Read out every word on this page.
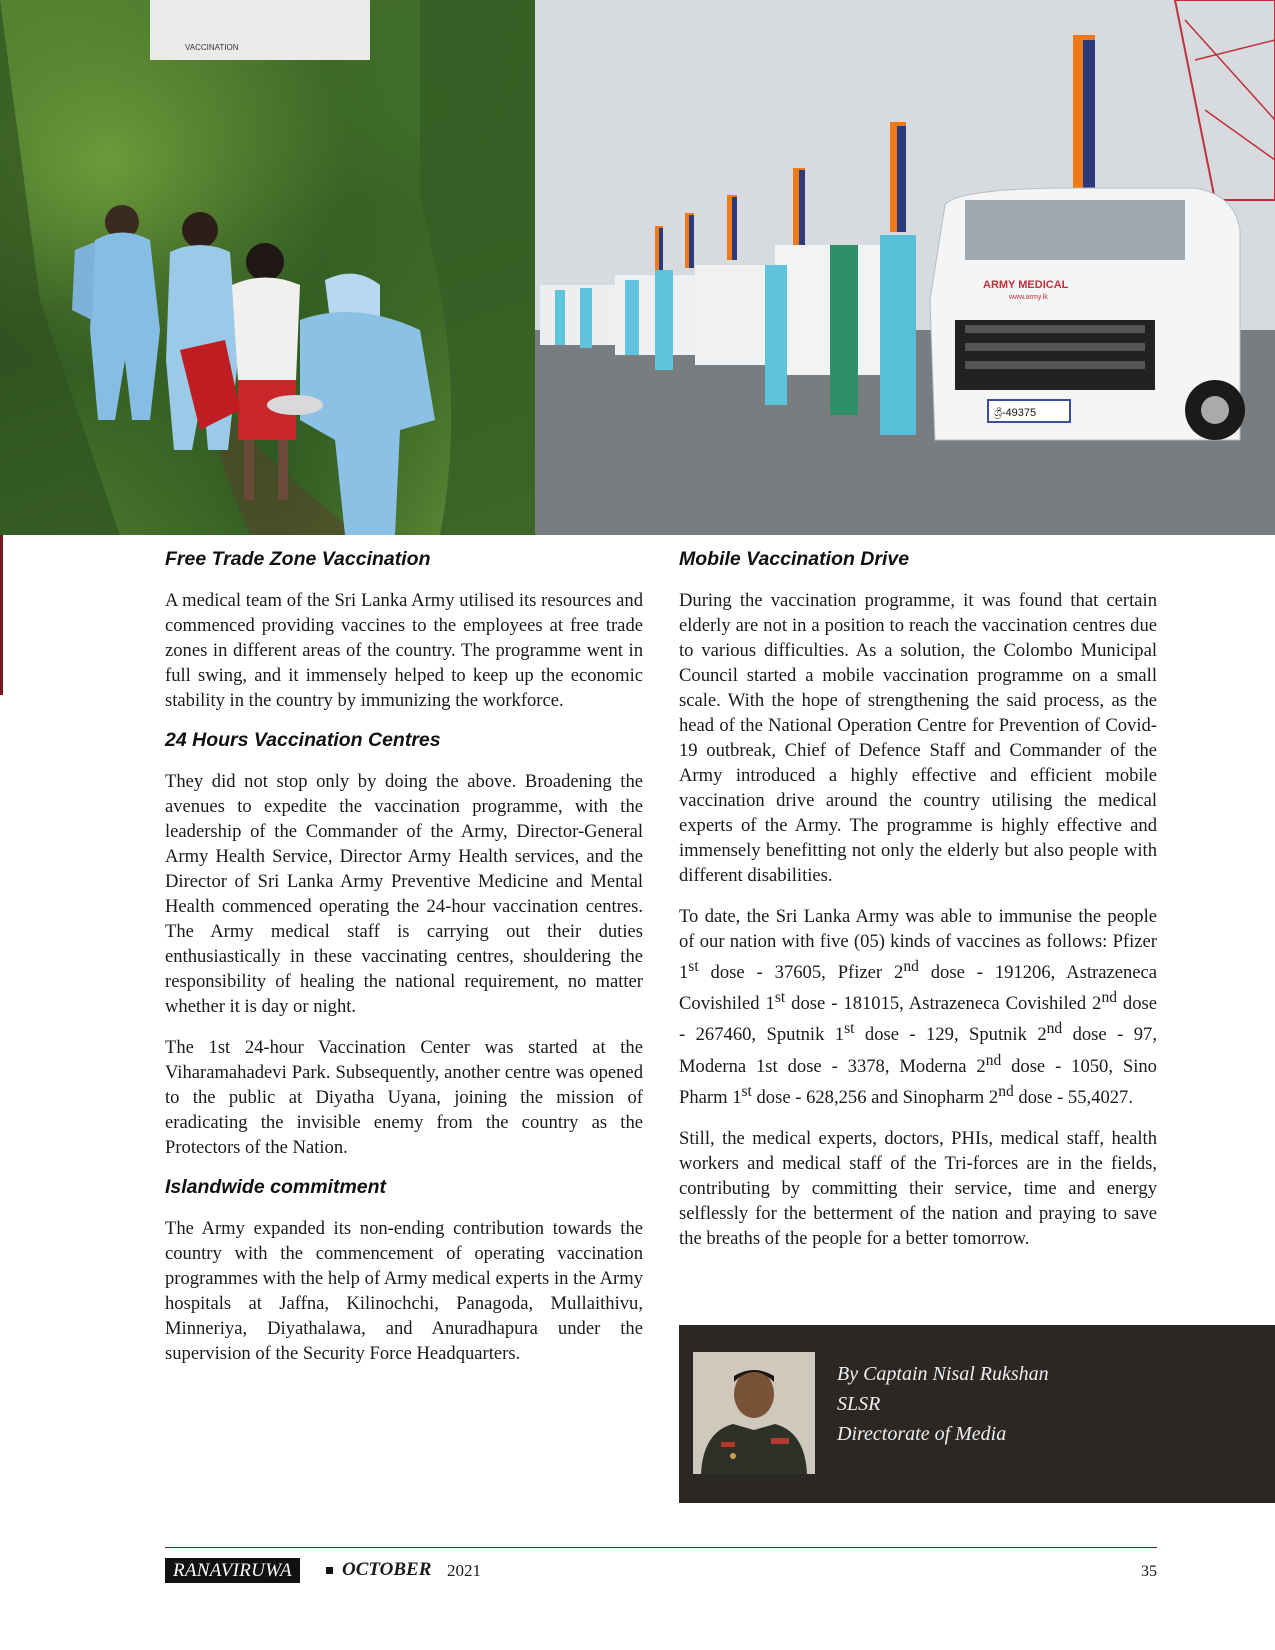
VACCINATION
ශ්‍රී-49375
ARMY MEDICAL
www.army.lk
Free Trade Zone Vaccination

A medical team of the Sri Lanka Army utilised its resources and commenced providing vaccines to the employees at free trade zones in different areas of the country. The programme went in full swing, and it immensely helped to keep up the economic stability in the country by immunizing the workforce.

24 Hours Vaccination Centres

They did not stop only by doing the above. Broadening the avenues to expedite the vaccination programme, with the leadership of the Commander of the Army, Director-General Army Health Service, Director Army Health services, and the Director of Sri Lanka Army Preventive Medicine and Mental Health commenced operating the 24-hour vaccination centres. The Army medical staff is carrying out their duties enthusiastically in these vaccinating centres, shouldering the responsibility of healing the national requirement, no matter whether it is day or night.

The 1st 24-hour Vaccination Center was started at the Viharamahadevi Park. Subsequently, another centre was opened to the public at Diyatha Uyana, joining the mission of eradicating the invisible enemy from the country as the Protectors of the Nation.

Islandwide commitment

The Army expanded its non-ending contribution towards the country with the commencement of operating vaccination programmes with the help of Army medical experts in the Army hospitals at Jaffna, Kilinochchi, Panagoda, Mullaithivu, Minneriya, Diyathalawa, and Anuradhapura under the supervision of the Security Force Headquarters.

Mobile Vaccination Drive

During the vaccination programme, it was found that certain elderly are not in a position to reach the vaccination centres due to various difficulties. As a solution, the Colombo Municipal Council started a mobile vaccination programme on a small scale. With the hope of strengthening the said process, as the head of the National Operation Centre for Prevention of Covid-19 outbreak, Chief of Defence Staff and Commander of the Army introduced a highly effective and efficient mobile vaccination drive around the country utilising the medical experts of the Army. The programme is highly effective and immensely benefitting not only the elderly but also people with different disabilities.

To date, the Sri Lanka Army was able to immunise the people of our nation with five (05) kinds of vaccines as follows: Pfizer 1st dose - 37605, Pfizer 2nd dose - 191206, Astrazeneca Covishiled 1st dose - 181015, Astrazeneca Covishiled 2nd dose - 267460, Sputnik 1st dose - 129, Sputnik 2nd dose - 97, Moderna 1st dose - 3378, Moderna 2nd dose - 1050, Sino Pharm 1st dose - 628,256 and Sinopharm 2nd dose - 55,4027.

Still, the medical experts, doctors, PHIs, medical staff, health workers and medical staff of the Tri-forces are in the fields, contributing by committing their service, time and energy selflessly for the betterment of the nation and praying to save the breaths of the people for a better tomorrow.

By Captain Nisal Rukshan
SLSR
Directorate of Media
RANAVIRUWA	OCTOBER 2021	35
